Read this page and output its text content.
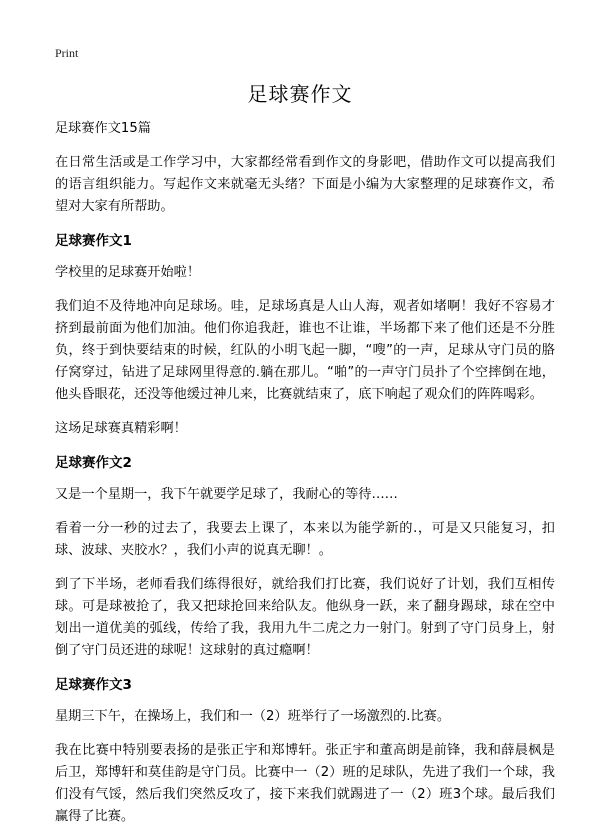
Print
足球赛作文

足球赛作文15篇

在日常生活或是工作学习中，大家都经常看到作文的身影吧，借助作文可以提高我们的语言组织能力。写起作文来就毫无头绪？下面是小编为大家整理的足球赛作文，希望对大家有所帮助。

足球赛作文1

学校里的足球赛开始啦！

我们迫不及待地冲向足球场。哇，足球场真是人山人海，观者如堵啊！我好不容易才挤到最前面为他们加油。他们你追我赶，谁也不让谁，半场都下来了他们还是不分胜负，终于到快要结束的时候，红队的小明飞起一脚，“嗖”的一声，足球从守门员的胳仔窝穿过，钻进了足球网里得意的.躺在那儿。“啪”的一声守门员扑了个空摔倒在地，他头昏眼花，还没等他缓过神儿来，比赛就结束了，底下响起了观众们的阵阵喝彩。

这场足球赛真精彩啊！

足球赛作文2

又是一个星期一，我下午就要学足球了，我耐心的等待……

看着一分一秒的过去了，我要去上课了，本来以为能学新的.，可是又只能复习，扣球、波球、夹胶水？，我们小声的说真无聊！。

到了下半场，老师看我们练得很好，就给我们打比赛，我们说好了计划，我们互相传球。可是球被抢了，我又把球抢回来给队友。他纵身一跃，来了翻身踢球，球在空中划出一道优美的弧线，传给了我，我用九牛二虎之力一射门。射到了守门员身上，射倒了守门员还进的球呢！这球射的真过瘾啊！

足球赛作文3

星期三下午，在操场上，我们和一（2）班举行了一场激烈的.比赛。

我在比赛中特别要表扬的是张正宇和郑博轩。张正宇和董高朗是前锋，我和薛晨枫是后卫，郑博轩和莫佳韵是守门员。比赛中一（2）班的足球队，先进了我们一个球，我们没有气馁，然后我们突然反攻了，接下来我们就踢进了一（2）班3个球。最后我们赢得了比赛。
